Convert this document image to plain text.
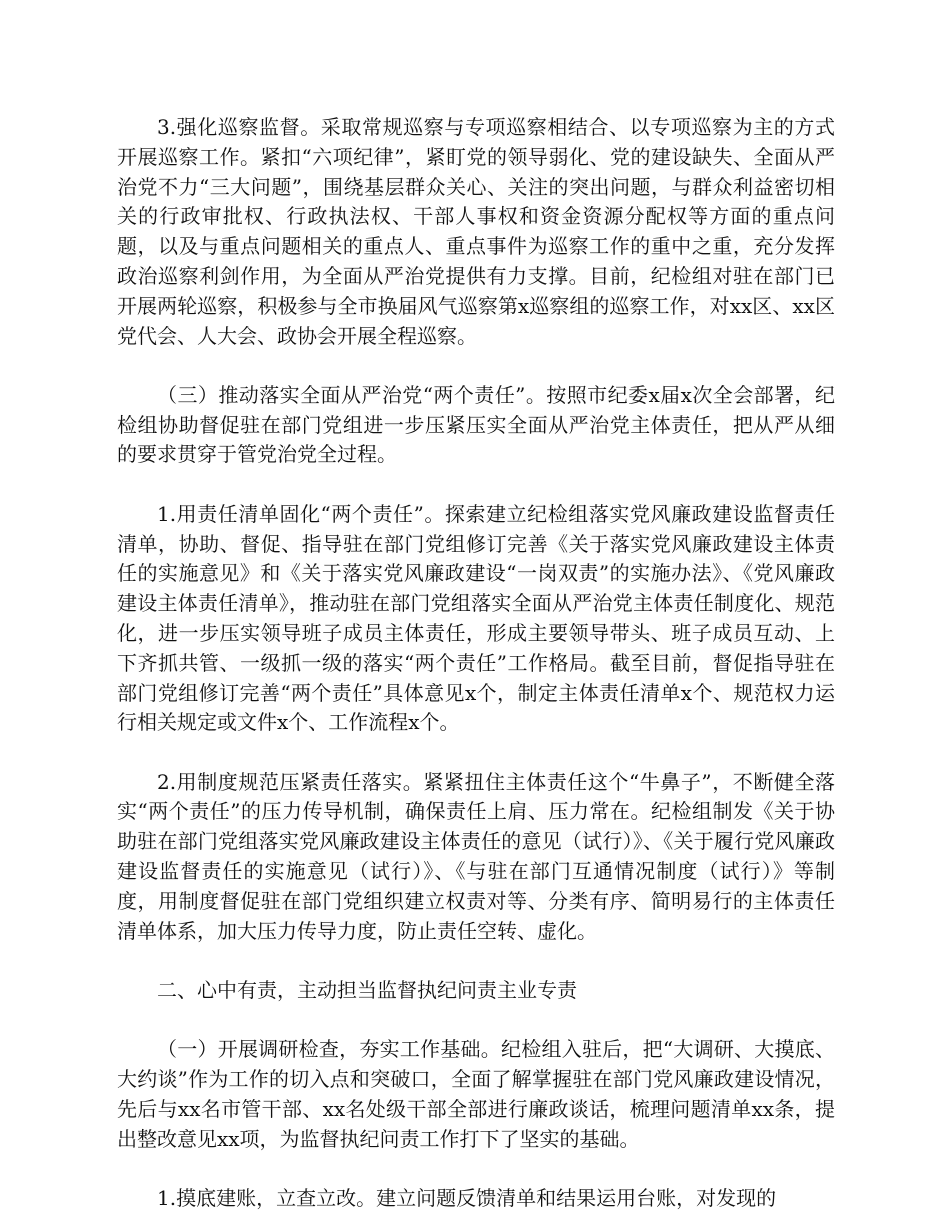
3.强化巡察监督。采取常规巡察与专项巡察相结合、以专项巡察为主的方式开展巡察工作。紧扣“六项纪律”，紧盯党的领导弱化、党的建设缺失、全面从严治党不力“三大问题”，围绕基层群众关心、关注的突出问题，与群众利益密切相关的行政审批权、行政执法权、干部人事权和资金资源分配权等方面的重点问题，以及与重点问题相关的重点人、重点事件为巡察工作的重中之重，充分发挥政治巡察利剑作用，为全面从严治党提供有力支撑。目前，纪检组对驻在部门已开展两轮巡察，积极参与全市换届风气巡察第x巡察组的巡察工作，对xx区、xx区党代会、人大会、政协会开展全程巡察。

（三）推动落实全面从严治党“两个责任”。按照市纪委x届x次全会部署，纪检组协助督促驻在部门党组进一步压紧压实全面从严治党主体责任，把从严从细的要求贯穿于管党治党全过程。

1.用责任清单固化“两个责任”。探索建立纪检组落实党风廉政建设监督责任清单，协助、督促、指导驻在部门党组修订完善《关于落实党风廉政建设主体责任的实施意见》和《关于落实党风廉政建设“一岗双责”的实施办法》、《党风廉政建设主体责任清单》，推动驻在部门党组落实全面从严治党主体责任制度化、规范化，进一步压实领导班子成员主体责任，形成主要领导带头、班子成员互动、上下齐抓共管、一级抓一级的落实“两个责任”工作格局。截至目前，督促指导驻在部门党组修订完善“两个责任”具体意见x个，制定主体责任清单x个、规范权力运行相关规定或文件x个、工作流程x个。

2.用制度规范压紧责任落实。紧紧扭住主体责任这个“牛鼻子”，不断健全落实“两个责任”的压力传导机制，确保责任上肩、压力常在。纪检组制发《关于协助驻在部门党组落实党风廉政建设主体责任的意见（试行）》、《关于履行党风廉政建设监督责任的实施意见（试行）》、《与驻在部门互通情况制度（试行）》等制度，用制度督促驻在部门党组织建立权责对等、分类有序、简明易行的主体责任清单体系，加大压力传导力度，防止责任空转、虚化。

二、心中有责，主动担当监督执纪问责主业专责

（一）开展调研检查，夯实工作基础。纪检组入驻后，把“大调研、大摸底、大约谈”作为工作的切入点和突破口，全面了解掌握驻在部门党风廉政建设情况，先后与xx名市管干部、xx名处级干部全部进行廉政谈话，梳理问题清单xx条，提出整改意见xx项，为监督执纪问责工作打下了坚实的基础。

1.摸底建账，立查立改。建立问题反馈清单和结果运用台账，对发现的
